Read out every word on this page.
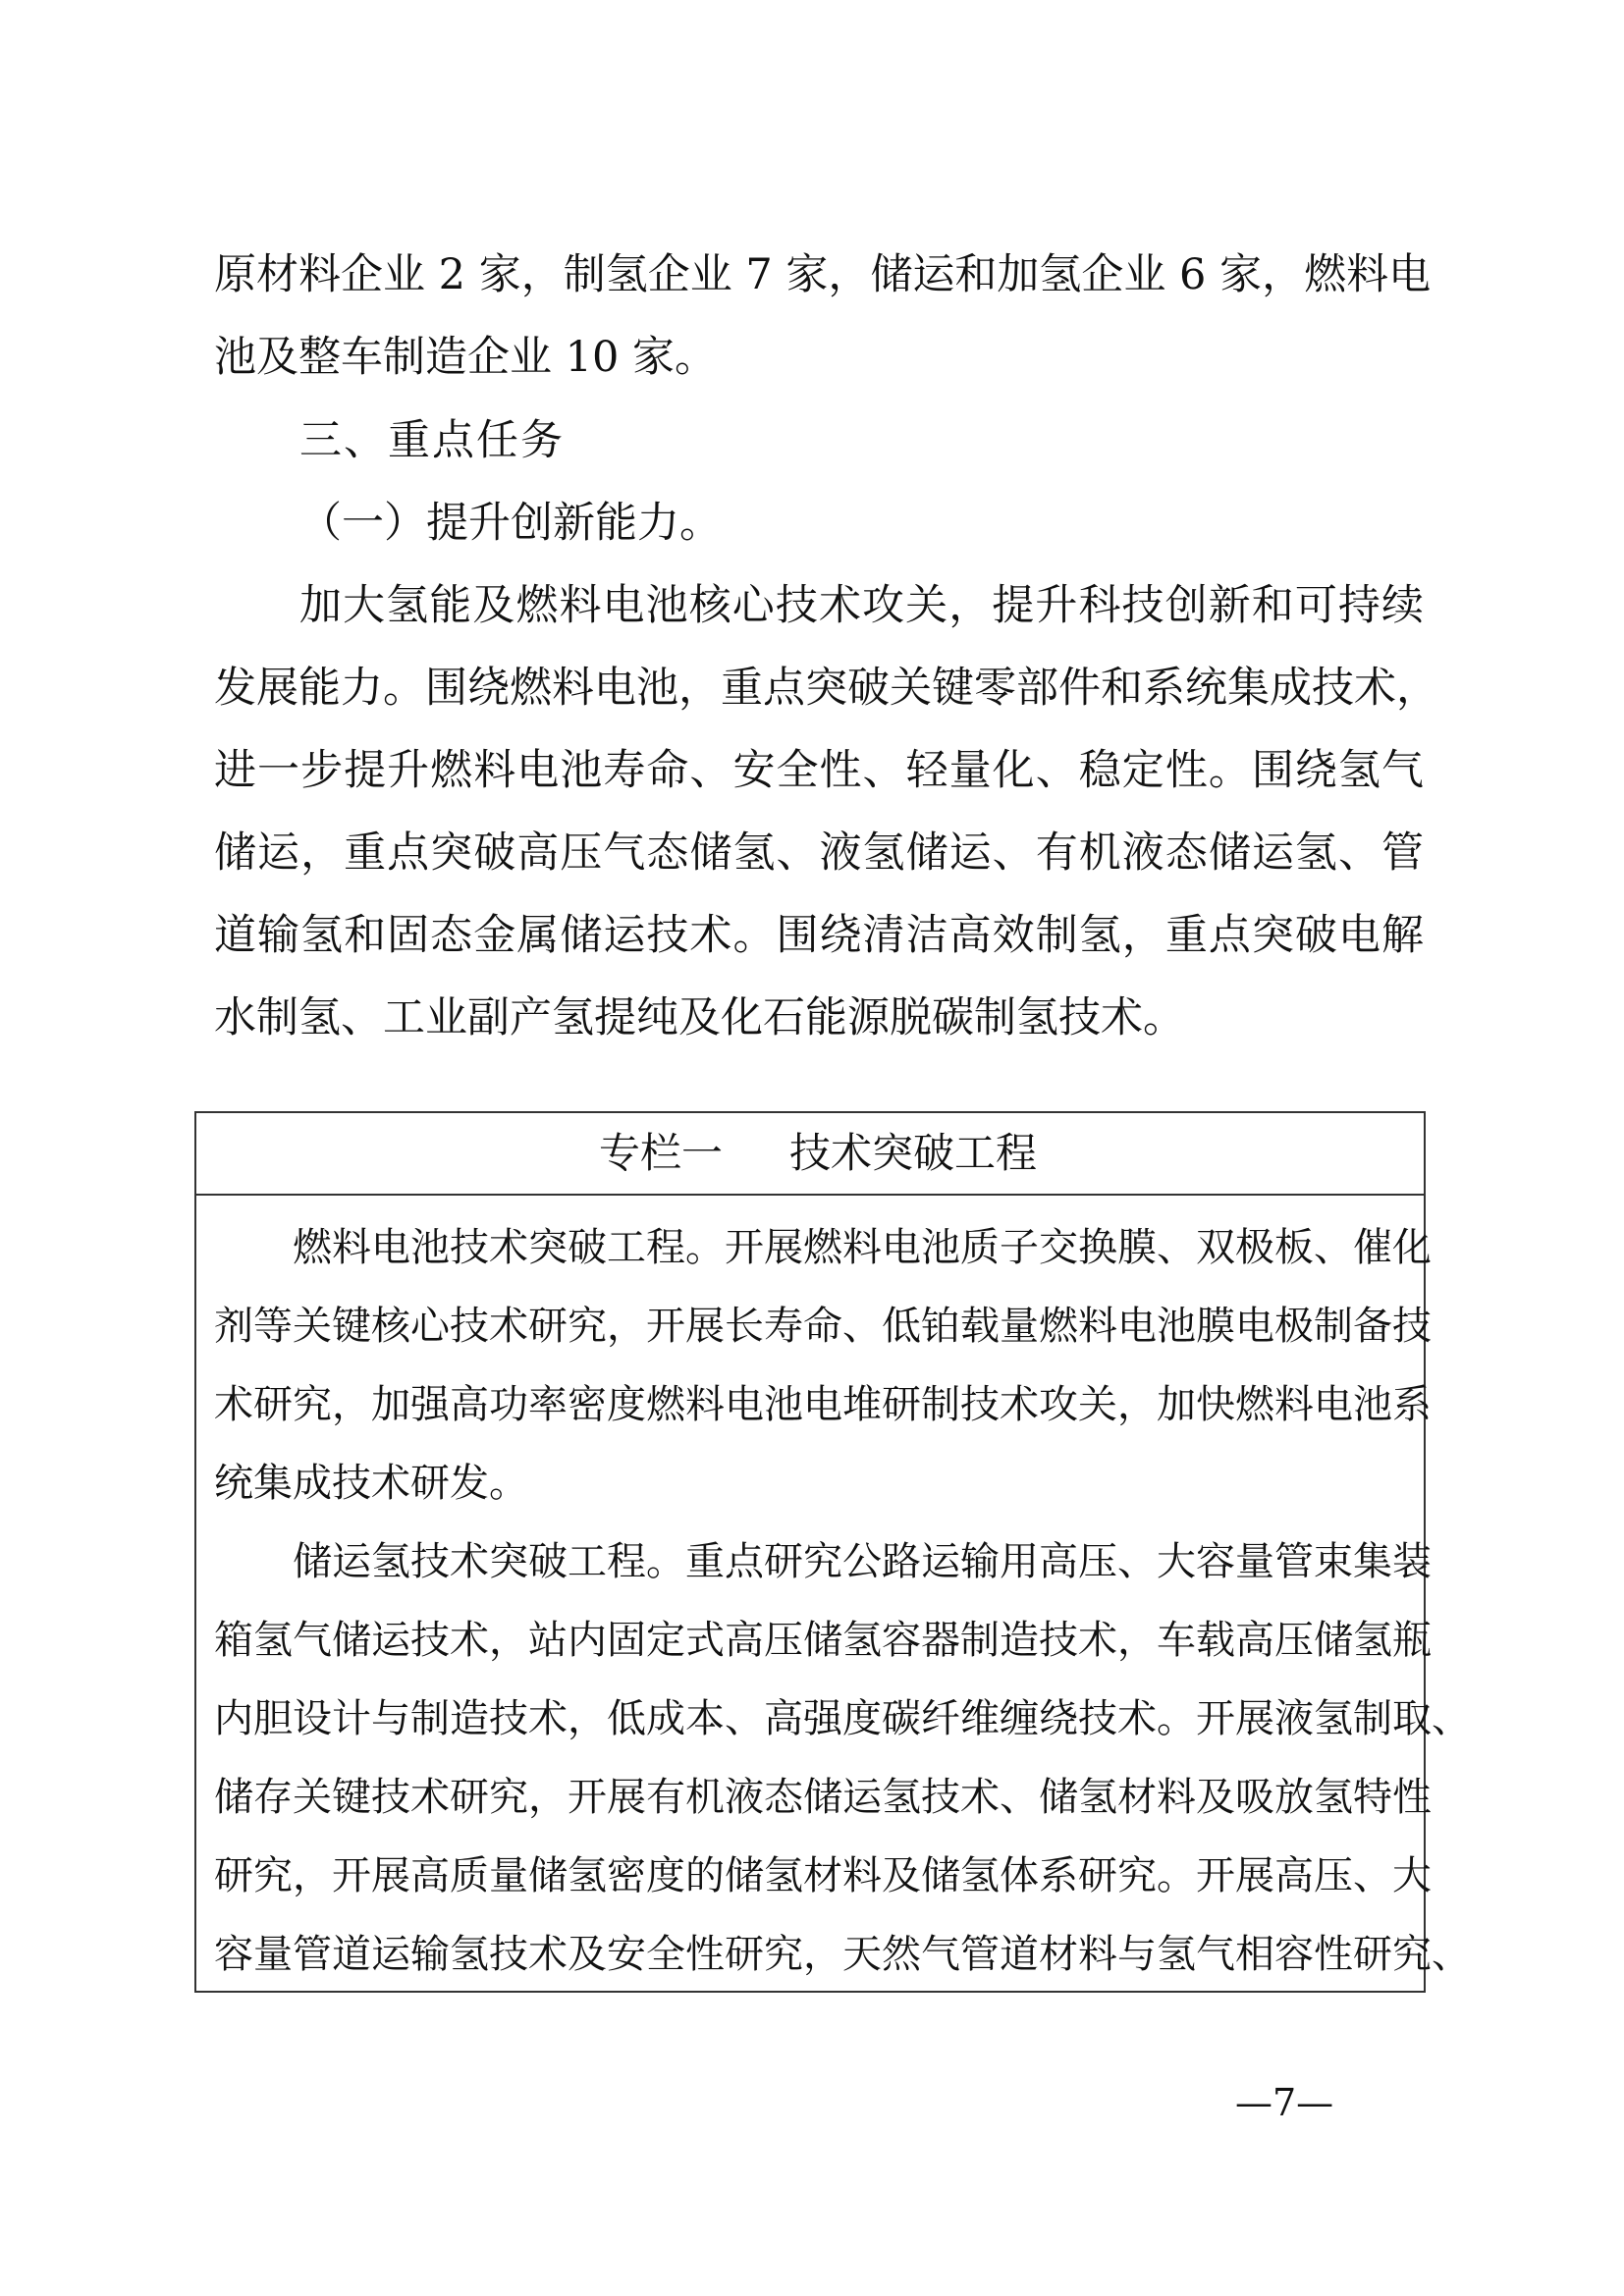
原材料企业 2 家，制氢企业 7 家，储运和加氢企业 6 家，燃料电
池及整车制造企业 10 家。
三、重点任务
（一）提升创新能力。
加大氢能及燃料电池核心技术攻关，提升科技创新和可持续
发展能力。围绕燃料电池，重点突破关键零部件和系统集成技术，
进一步提升燃料电池寿命、安全性、轻量化、稳定性。围绕氢气
储运，重点突破高压气态储氢、液氢储运、有机液态储运氢、管
道输氢和固态金属储运技术。围绕清洁高效制氢，重点突破电解
水制氢、工业副产氢提纯及化石能源脱碳制氢技术。
专栏一 技术突破工程
燃料电池技术突破工程。开展燃料电池质子交换膜、双极板、催化
剂等关键核心技术研究，开展长寿命、低铂载量燃料电池膜电极制备技
术研究，加强高功率密度燃料电池电堆研制技术攻关，加快燃料电池系
统集成技术研发。
储运氢技术突破工程。重点研究公路运输用高压、大容量管束集装
箱氢气储运技术，站内固定式高压储氢容器制造技术，车载高压储氢瓶
内胆设计与制造技术，低成本、高强度碳纤维缠绕技术。开展液氢制取、
储存关键技术研究，开展有机液态储运氢技术、储氢材料及吸放氢特性
研究，开展高质量储氢密度的储氢材料及储氢体系研究。开展高压、大
容量管道运输氢技术及安全性研究，天然气管道材料与氢气相容性研究、
—7—
